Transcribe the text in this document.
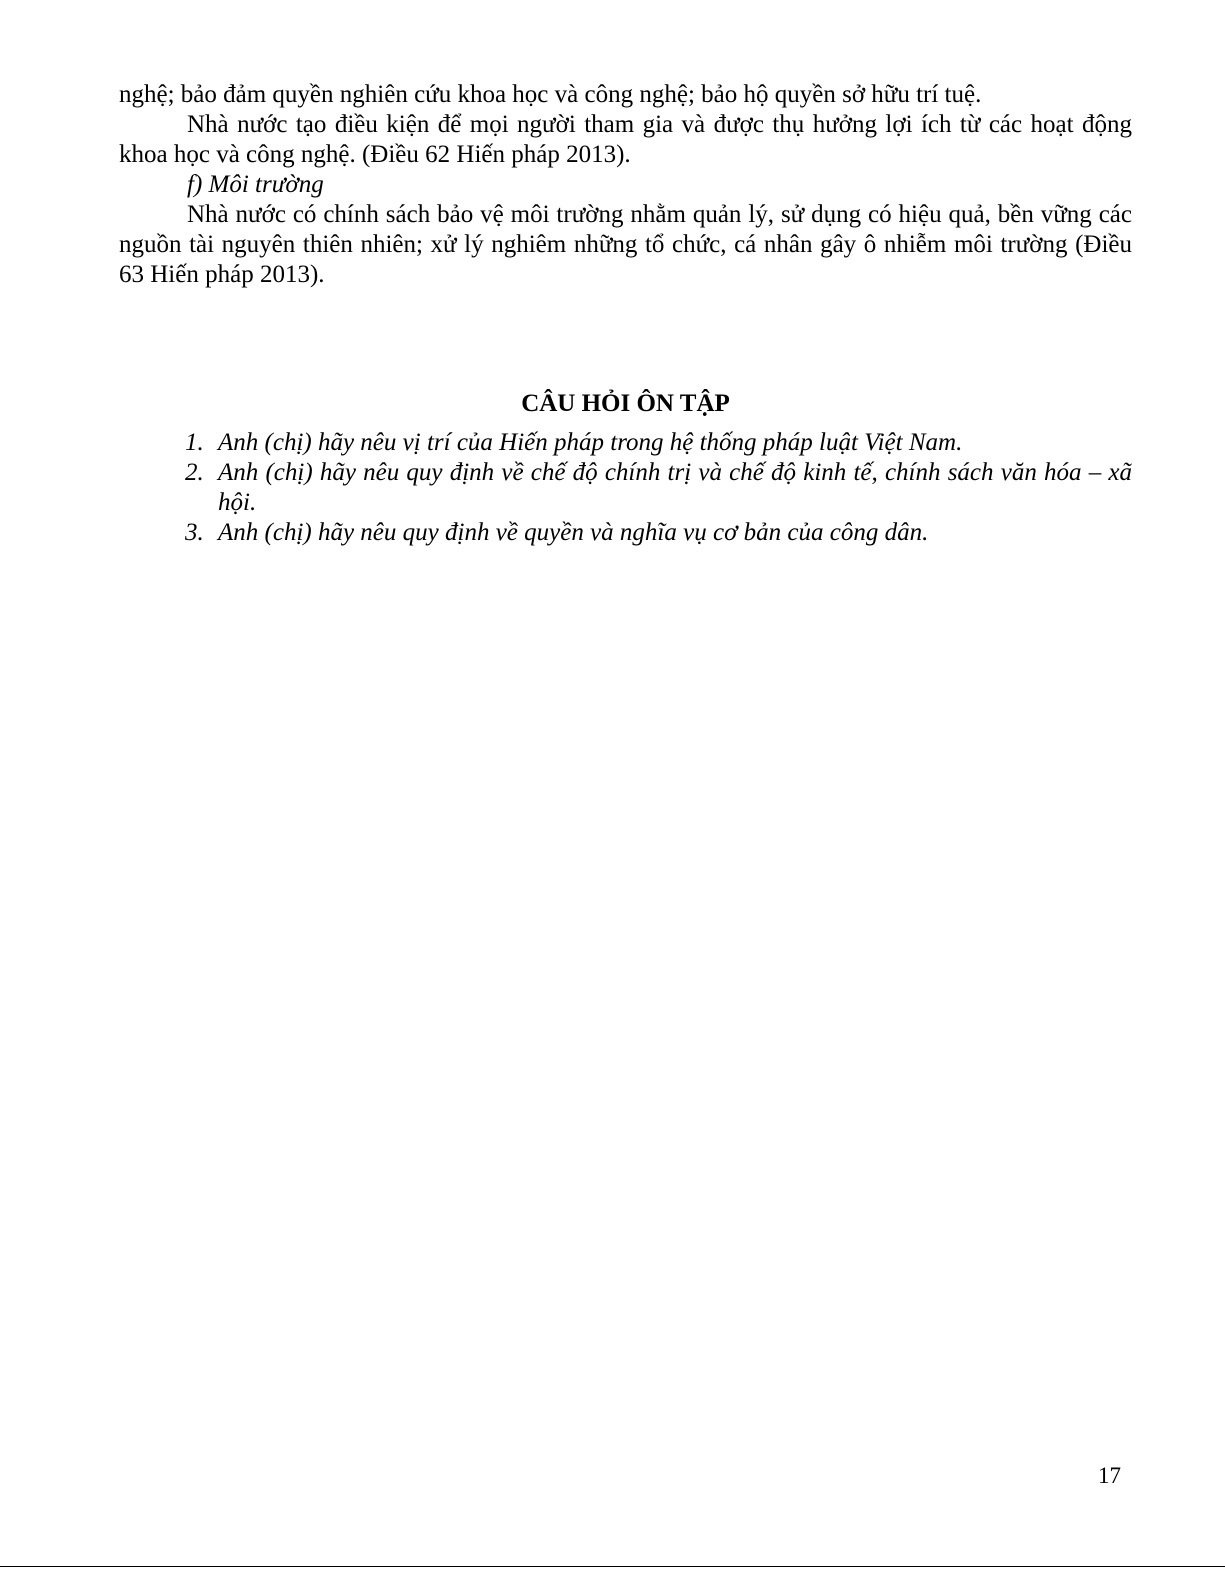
nghệ; bảo đảm quyền nghiên cứu khoa học và công nghệ; bảo hộ quyền sở hữu trí tuệ.

Nhà nước tạo điều kiện để mọi người tham gia và được thụ hưởng lợi ích từ các hoạt động khoa học và công nghệ. (Điều 62 Hiến pháp 2013).

f) Môi trường

Nhà nước có chính sách bảo vệ môi trường nhằm quản lý, sử dụng có hiệu quả, bền vững các nguồn tài nguyên thiên nhiên; xử lý nghiêm những tổ chức, cá nhân gây ô nhiễm môi trường (Điều 63 Hiến pháp 2013).

CÂU HỎI ÔN TẬP
1. Anh (chị) hãy nêu vị trí của Hiến pháp trong hệ thống pháp luật Việt Nam.
2. Anh (chị) hãy nêu quy định về chế độ chính trị và chế độ kinh tế, chính sách văn hóa – xã hội.
3. Anh (chị) hãy nêu quy định về quyền và nghĩa vụ cơ bản của công dân.
17
